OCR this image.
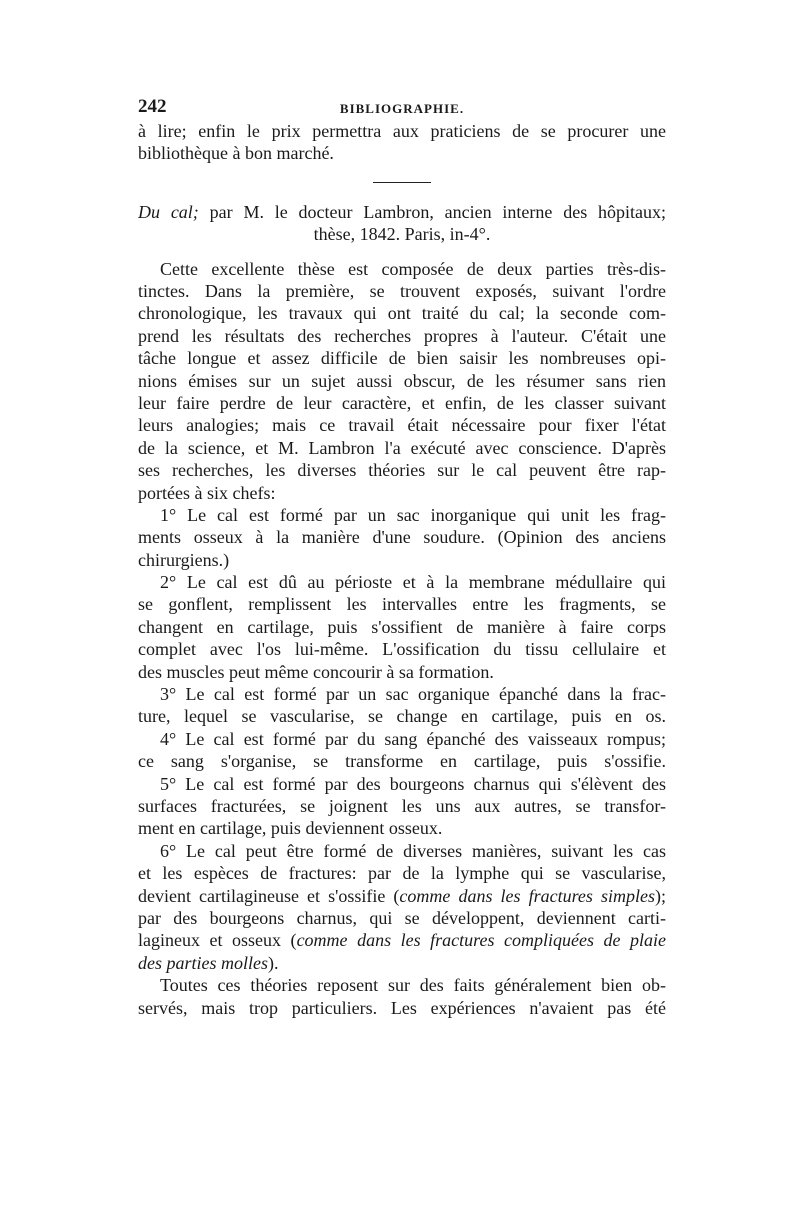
242	BIBLIOGRAPHIE.
à lire; enfin le prix permettra aux praticiens de se procurer une
bibliothèque à bon marché.
Du cal; par M. le docteur Lambron, ancien interne des hôpitaux;
thèse, 1842. Paris, in-4°.
Cette excellente thèse est composée de deux parties très-dis-
tinctes. Dans la première, se trouvent exposés, suivant l'ordre
chronologique, les travaux qui ont traité du cal; la seconde com-
prend les résultats des recherches propres à l'auteur. C'était une
tâche longue et assez difficile de bien saisir les nombreuses opi-
nions émises sur un sujet aussi obscur, de les résumer sans rien
leur faire perdre de leur caractère, et enfin, de les classer suivant
leurs analogies; mais ce travail était nécessaire pour fixer l'état
de la science, et M. Lambron l'a exécuté avec conscience. D'après
ses recherches, les diverses théories sur le cal peuvent être rap-
portées à six chefs:
1° Le cal est formé par un sac inorganique qui unit les frag-
ments osseux à la manière d'une soudure. (Opinion des anciens
chirurgiens.)
2° Le cal est dû au périoste et à la membrane médullaire qui
se gonflent, remplissent les intervalles entre les fragments, se
changent en cartilage, puis s'ossifient de manière à faire corps
complet avec l'os lui-même. L'ossification du tissu cellulaire et
des muscles peut même concourir à sa formation.
3° Le cal est formé par un sac organique épanché dans la frac-
ture, lequel se vascularise, se change en cartilage, puis en os.
4° Le cal est formé par du sang épanché des vaisseaux rompus;
ce sang s'organise, se transforme en cartilage, puis s'ossifie.
5° Le cal est formé par des bourgeons charnus qui s'élèvent des
surfaces fracturées, se joignent les uns aux autres, se transfor-
ment en cartilage, puis deviennent osseux.
6° Le cal peut être formé de diverses manières, suivant les cas
et les espèces de fractures: par de la lymphe qui se vascularise,
devient cartilagineuse et s'ossifie (comme dans les fractures simples);
par des bourgeons charnus, qui se développent, deviennent carti-
lagineux et osseux (comme dans les fractures compliquées de plaie
des parties molles).
Toutes ces théories reposent sur des faits généralement bien ob-
servés, mais trop particuliers. Les expériences n'avaient pas été
